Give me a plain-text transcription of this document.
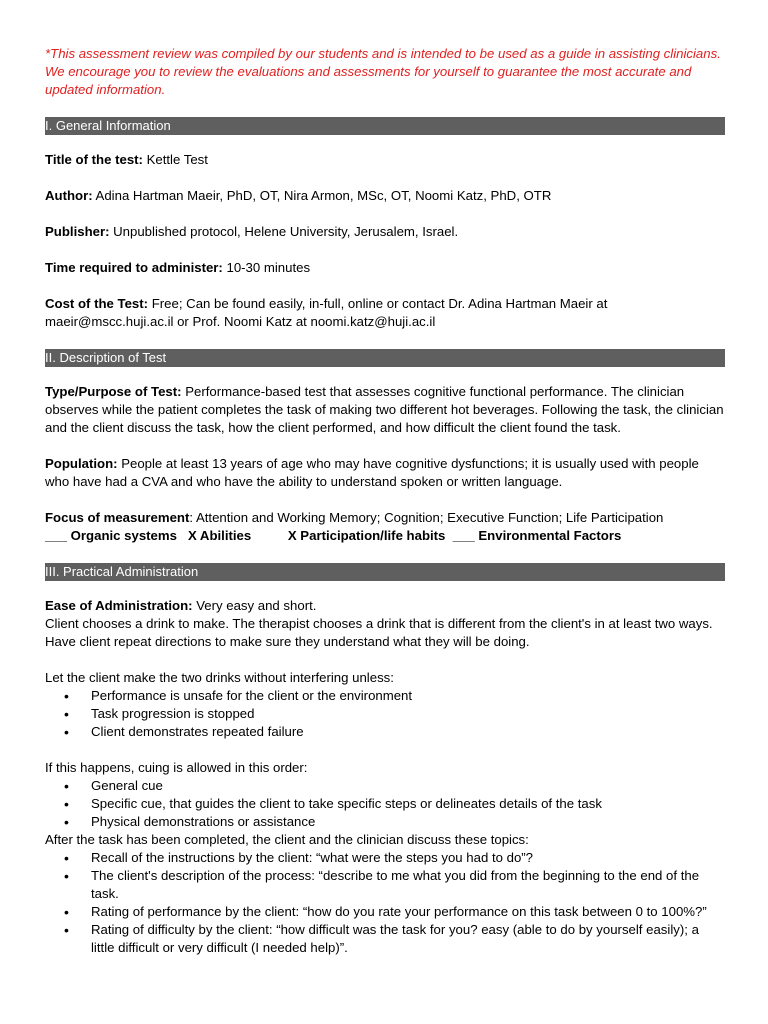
*This assessment review was compiled by our students and is intended to be used as a guide in assisting clinicians. We encourage you to review the evaluations and assessments for yourself to guarantee the most accurate and updated information.

I. General Information

Title of the test: Kettle Test

Author: Adina Hartman Maeir, PhD, OT, Nira Armon, MSc, OT, Noomi Katz, PhD, OTR

Publisher: Unpublished protocol, Helene University, Jerusalem, Israel.

Time required to administer: 10-30 minutes

Cost of the Test: Free; Can be found easily, in-full, online or contact Dr. Adina Hartman Maeir at maeir@mscc.huji.ac.il or Prof. Noomi Katz at noomi.katz@huji.ac.il

II. Description of Test

Type/Purpose of Test: Performance-based test that assesses cognitive functional performance. The clinician observes while the patient completes the task of making two different hot beverages. Following the task, the clinician and the client discuss the task, how the client performed, and how difficult the client found the task.

Population: People at least 13 years of age who may have cognitive dysfunctions; it is usually used with people who have had a CVA and who have the ability to understand spoken or written language.

Focus of measurement: Attention and Working Memory; Cognition; Executive Function; Life Participation

___ Organic systems   X Abilities          X Participation/life habits  ___ Environmental Factors
III. Practical Administration

Ease of Administration: Very easy and short.

Client chooses a drink to make. The therapist chooses a drink that is different from the client's in at least two ways. Have client repeat directions to make sure they understand what they will be doing.

Let the client make the two drinks without interfering unless:

• Performance is unsafe for the client or the environment
• Task progression is stopped
• Client demonstrates repeated failure

If this happens, cuing is allowed in this order:

• General cue
• Specific cue, that guides the client to take specific steps or delineates details of the task
• Physical demonstrations or assistance

After the task has been completed, the client and the clinician discuss these topics:

• Recall of the instructions by the client: “what were the steps you had to do”?
• The client's description of the process: “describe to me what you did from the beginning to the end of the task.
• Rating of performance by the client: “how do you rate your performance on this task between 0 to 100%?”
• Rating of difficulty by the client: “how difficult was the task for you? easy (able to do by yourself easily); a little difficult or very difficult (I needed help)”.
